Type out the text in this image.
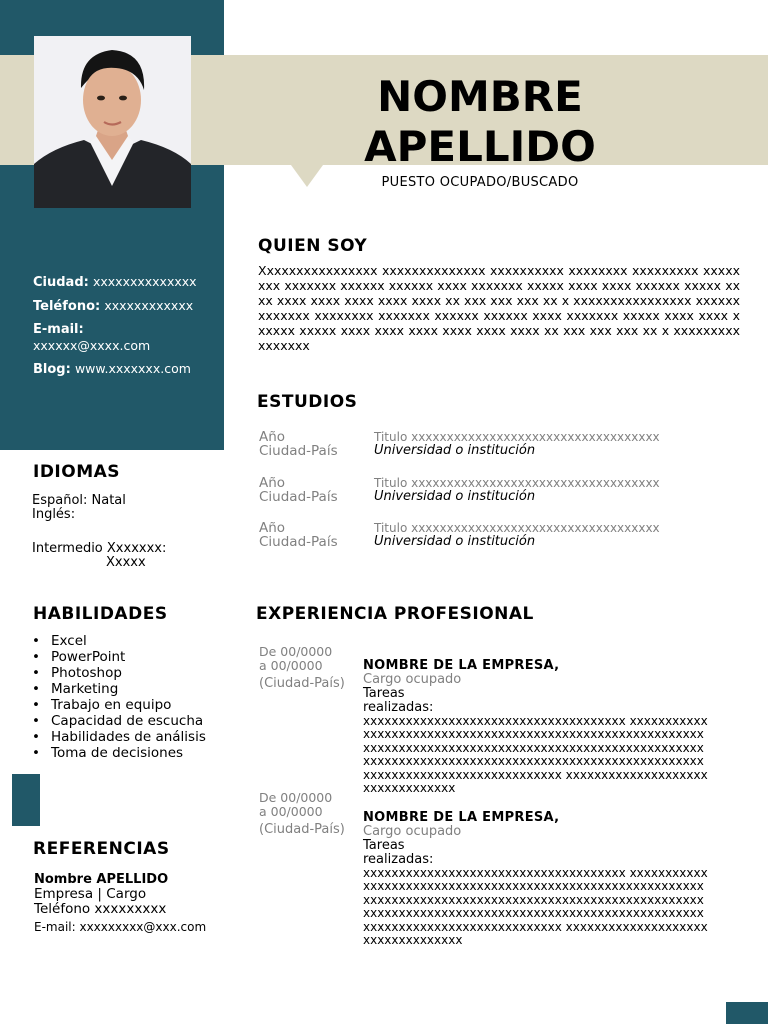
NOMBRE
APELLIDO
PUESTO OCUPADO/BUSCADO
Ciudad: xxxxxxxxxxxxxx
Teléfono: xxxxxxxxxxxx
E-mail:
xxxxxx@xxxx.com
Blog: www.xxxxxxx.com
IDIOMAS
Español: Natal
Inglés:
Intermedio Xxxxxxx:
Xxxxx
HABILIDADES
• Excel
• PowerPoint
• Photoshop
• Marketing
• Trabajo en equipo
• Capacidad de escucha
• Habilidades de análisis
• Toma de decisiones
REFERENCIAS
Nombre APELLIDO
Empresa | Cargo
Teléfono xxxxxxxxx
E-mail: xxxxxxxxx@xxx.com
QUIEN SOY
Xxxxxxxxxxxxxxxx xxxxxxxxxxxxxx xxxxxxxxxx xxxxxxxx xxxxxxxxx xxxxxxxx xxxxxxx xxxxxx xxxxxx xxxx xxxxxxx xxxxx xxxx xxxx xxxxxx xxxxx xxxx xxxx xxxx xxxx xxxx xxxx xx xxx xxx xxx xx x xxxxxxxxxxxxxxxx xxxxxx xxxxxxx xxxxxxxx xxxxxxx xxxxxx xxxxxx xxxx xxxxxxx xxxxx xxxx xxxx xxxxxx xxxxx xxxx xxxx xxxx xxxx xxxx xxxx xx xxx xxx xxx xx x xxxxxxxxxxxxxxxx
ESTUDIOS
Año
Ciudad-País
Titulo xxxxxxxxxxxxxxxxxxxxxxxxxxxxxxxxxxx
Universidad o institución
Año
Ciudad-País
Titulo xxxxxxxxxxxxxxxxxxxxxxxxxxxxxxxxxxx
Universidad o institución
Año
Ciudad-País
Titulo xxxxxxxxxxxxxxxxxxxxxxxxxxxxxxxxxxx
Universidad o institución
EXPERIENCIA PROFESIONAL
De 00/0000
a 00/0000
(Ciudad-País)
NOMBRE DE LA EMPRESA,
Cargo ocupado
Tareas
realizadas:
xxxxxxxxxxxxxxxxxxxxxxxxxxxxxxxxxxxxx xxxxxxxxxxxxxxxxxxxxxxxxxxxxxxxxxxxxxxxxxxxxxxxxxxxxxxxxxxxxxxxxxxxxxxxxxxxxxxxxxxxxxxxxxxxxxxxxxxxxxxxxxxxxxxxxxxxxxxxxxxxxxxxxxxxxxxxxxxxxxxxxxxxxxxxxxxxxxxxxxxxxxxxxxxxxxxxxxxxxxxx xxxxxxxxxxxxxxxxxxxxxxxxxxxxxxxxx
De 00/0000
a 00/0000
(Ciudad-País)
NOMBRE DE LA EMPRESA,
Cargo ocupado
Tareas
realizadas:
xxxxxxxxxxxxxxxxxxxxxxxxxxxxxxxxxxxxx xxxxxxxxxxxxxxxxxxxxxxxxxxxxxxxxxxxxxxxxxxxxxxxxxxxxxxxxxxxxxxxxxxxxxxxxxxxxxxxxxxxxxxxxxxxxxxxxxxxxxxxxxxxxxxxxxxxxxxxxxxxxxxxxxxxxxxxxxxxxxxxxxxxxxxxxxxxxxxxxxxxxxxxxxxxxxxxxxxxxxxx xxxxxxxxxxxxxxxxxxxxxxxxxxxxxxxxxx
